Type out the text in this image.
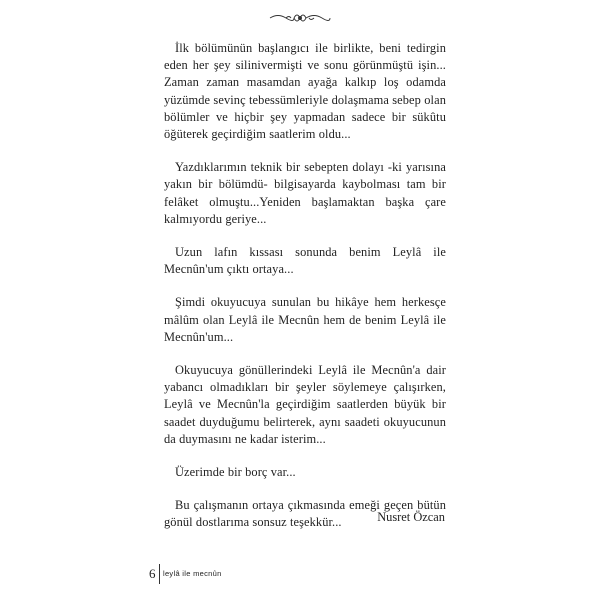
İlk bölümünün başlangıcı ile birlikte, beni tedirgin eden her şey silinivermişti ve sonu görünmüştü işin... Zaman zaman masamdan ayağa kalkıp loş odamda yüzümde sevinç tebessümleriyle dolaşmama sebep olan bölümler ve hiçbir şey yapmadan sadece bir sükûtu öğüterek geçirdiğim saatlerim oldu...

Yazdıklarımın teknik bir sebepten dolayı -ki yarısına yakın bir bölümdü- bilgisayarda kaybolması tam bir felâket olmuştu...Yeniden başlamaktan başka çare kalmıyordu geriye...

Uzun lafın kıssası sonunda benim Leylâ ile Mecnûn'um çıktı ortaya...

Şimdi okuyucuya sunulan bu hikâye hem herkesçe mâlûm olan Leylâ ile Mecnûn hem de benim Leylâ ile Mecnûn'um...

Okuyucuya gönüllerindeki Leylâ ile Mecnûn'a dair yabancı olmadıkları bir şeyler söylemeye çalışırken, Leylâ ve Mecnûn'la geçirdiğim saatlerden büyük bir saadet duyduğumu belirterek, aynı saadeti okuyucunun da duymasını ne kadar isterim...

Üzerimde bir borç var...

Bu çalışmanın ortaya çıkmasında emeği geçen bütün gönül dostlarıma sonsuz teşekkür...	Nusret Özcan
6 leylâ ile mecnûn
